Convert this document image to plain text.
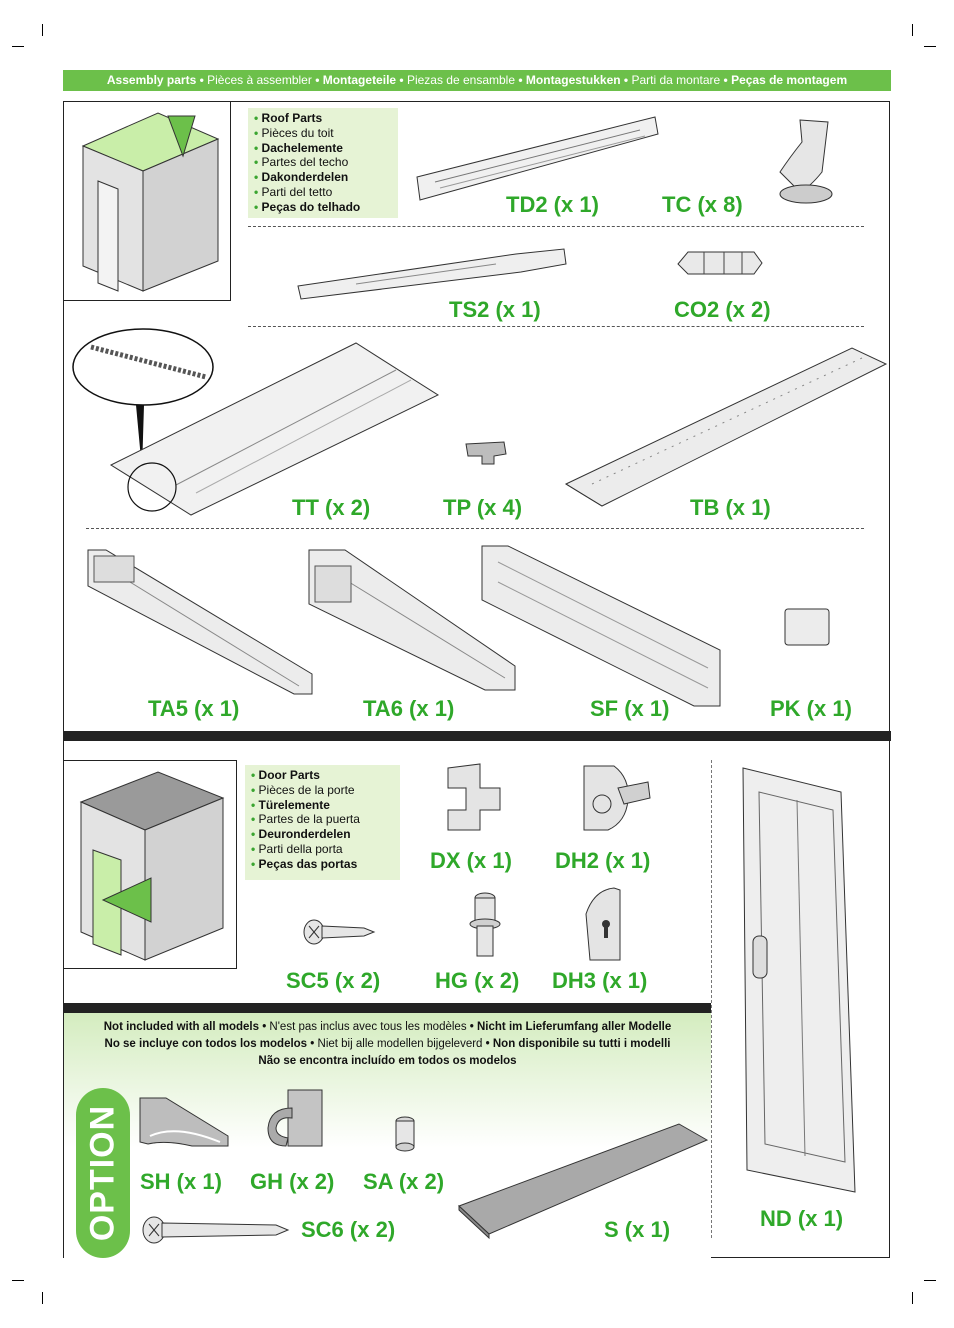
Assembly parts • Pièces à assembler • Montageteile • Piezas de ensamble • Montagestukken • Parti da montare • Peças de montagem
• Roof Parts
• Pièces du toit
• Dachelemente
• Partes del techo
• Dakonderdelen
• Parti del tetto
• Peças do telhado	TD2 (x 1)	TC (x 8)
TS2 (x 1)	CO2 (x 2)
TT (x 2)	TP (x 4)	TB (x 1)
TA5 (x 1)	TA6 (x 1)	SF (x 1)	PK (x 1)
• Door Parts
• Pièces de la porte
• Türelemente
• Partes de la puerta
• Deuronderdelen
• Parti della porta
• Peças das portas	DX (x 1) DH2 (x 1)
ND (x 1)
SC5 (x 2) HG (x 2) DH3 (x 1)
Not included with all models • N'est pas inclus avec tous les modèles • Nicht im Lieferumfang aller Modelle
No se incluye con todos los modelos • Niet bij alle modellen bijgeleverd • Non disponibile su tutti i modelli
Não se encontra incluído em todos os modelos
OPTION SH (x 1) GH (x 2) SA (x 2)
SC6 (x 2)	S (x 1)
